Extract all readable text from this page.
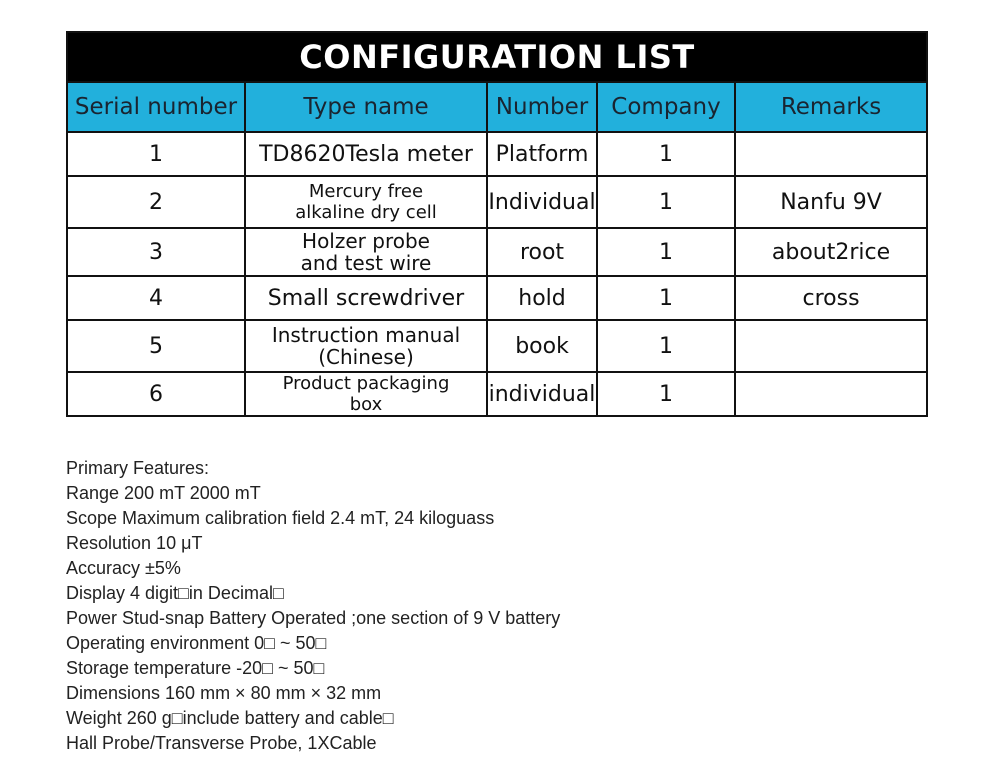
CONFIGURATION LIST				
Serial number	Type name	Number	Company	Remarks
1	TD8620Tesla meter	Platform	1	
2	Mercury free
alkaline dry cell	Individual	1	Nanfu 9V
3	Holzer probe
and test wire	root	1	about2rice
4	Small screwdriver	hold	1	cross
5	Instruction manual
(Chinese)	book	1	
6	Product packaging
box	individual	1	
Primary Features:
Range 200 mT 2000 mT
Scope Maximum calibration field 2.4 mT, 24 kiloguass
Resolution 10 μT
Accuracy ±5%
Display 4 digit□in Decimal□
Power Stud-snap Battery Operated ;one section of 9 V battery
Operating environment 0□ ~ 50□
Storage temperature -20□ ~ 50□
Dimensions 160 mm × 80 mm × 32 mm
Weight 260 g□include battery and cable□
Hall Probe/Transverse Probe, 1XCable
